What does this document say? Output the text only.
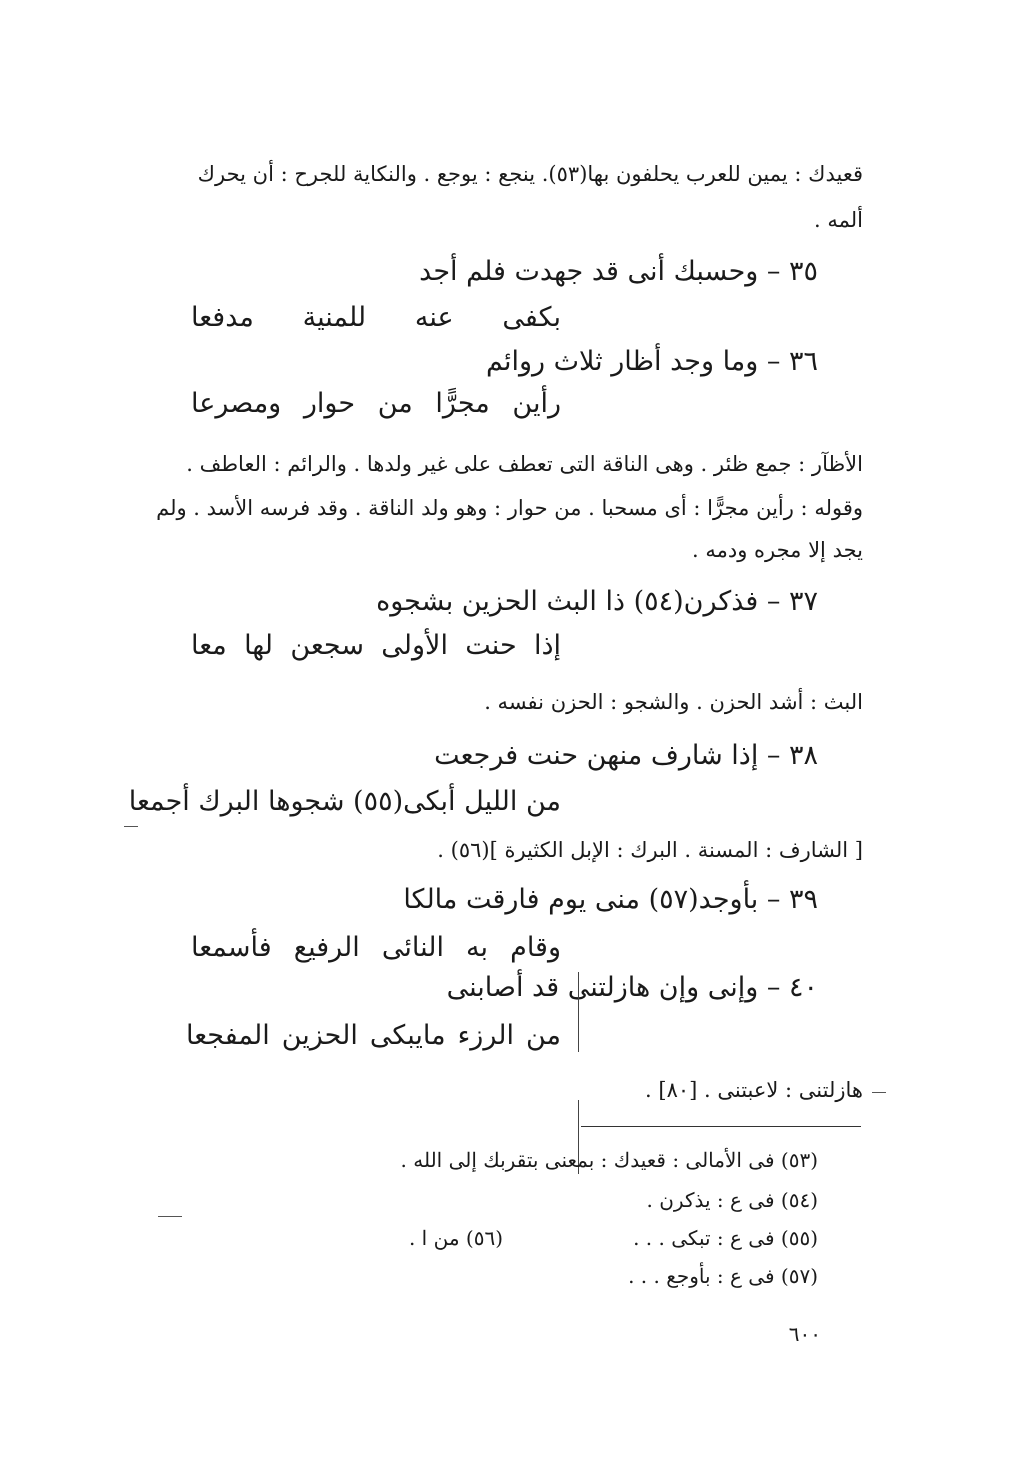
قعيدك : يمين للعرب يحلفون بها(٥٣). ينجع : يوجع . والنكاية للجرح : أن يحرك
ألمه .
٣٥ – وحسبك أنى قد جهدت فلم أجد
بكفى
عنه
للمنية
مدفعا
٣٦ – وما وجد أظار ثلاث روائم
رأين
مجرًّا
من
حوار
ومصرعا
الأظآر : جمع ظئر . وهى الناقة التى تعطف على غير ولدها . والرائم : العاطف .
وقوله : رأين مجرًّا : أى مسحبا . من حوار : وهو ولد الناقة . وقد فرسه الأسد . ولم
يجد إلا مجره ودمه .
٣٧ – فذكرن(٥٤) ذا البث الحزين بشجوه
إذا
حنت
الأولى
سجعن
لها
معا
البث : أشد الحزن . والشجو : الحزن نفسه .
٣٨ – إذا شارف منهن حنت فرجعت
من الليل أبكى(٥٥) شجوها البرك أجمعا
[ الشارف : المسنة . البرك : الإبل الكثيرة ](٥٦) .
٣٩ – بأوجد(٥٧) منى يوم فارقت مالكا
وقام
به
النائى
الرفيع
فأسمعا
٤٠ – وإنى وإن هازلتنى قد أصابنى
من
الرزء
مايبكى
الحزين
المفجعا
هازلتنى : لاعبتنى . [٨٠] .
(٥٣) فى الأمالى : قعيدك : بمعنى بتقربك إلى الله .
(٥٤) فى ع : يذكرن .
(٥٥) فى ع : تبكى . . .
(٥٦) من ا .
(٥٧) فى ع : بأوجع . . .
٦٠٠
